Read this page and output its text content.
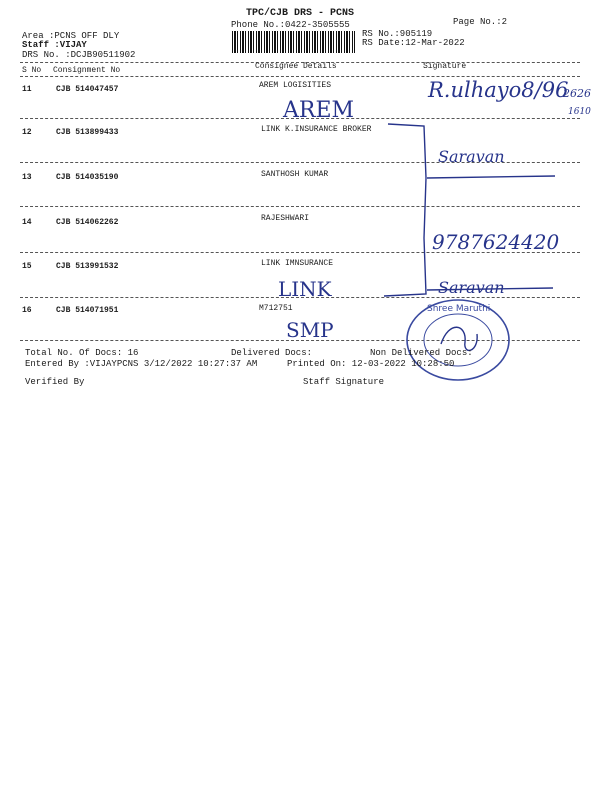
TPC/CJB DRS - PCNS
Phone No.:0422-3505555	Page No.:2
Area :PCNS OFF DLY
Staff :VIJAY
DRS No. :DCJB90511902
RS No.:905119
RS Date:12-Mar-2022
S No Consignment No	Consignee Details	Signature
11	CJB 514047457	AREM LOGISITIES
12	CJB 513899433	LINK K.INSURANCE BROKER
13	CJB 514035190	SANTHOSH KUMAR
14	CJB 514062262	RAJESHWARI
15	CJB 513991532	LINK IMNSURANCE
16	CJB 514071951	M712751
R.ulhayo8/96
2626
1610
AREM
Saravan
9787624420
LINK	Saravan
SMP
Shree Maruthi
Total No. Of Docs: 16	Delivered Docs:	Non Delivered Docs:
Entered By :VIJAYPCNS 3/12/2022 10:27:37 AM	Printed On: 12-03-2022 10:28:50
Verified By	Staff Signature
